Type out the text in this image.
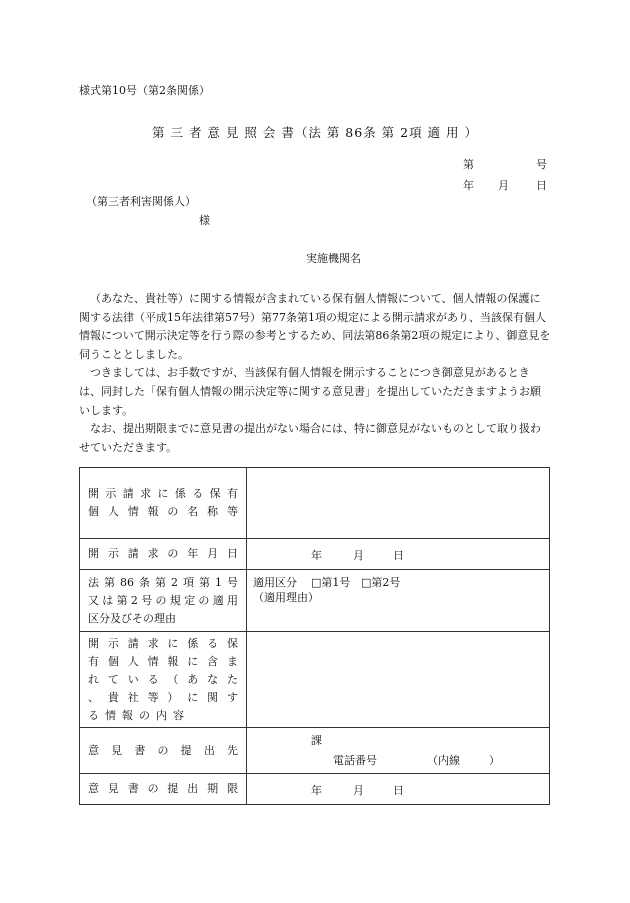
様式第10号（第2条関係）
第 三 者 意 見 照 会 書（法 第 86条 第 2項 適 用 ）
第	号
年 月 日
（第三者利害関係人）
様
実施機関名

（あなた、貴社等）に関する情報が含まれている保有個人情報について、個人情報の保護に関する法律（平成15年法律第57号）第77条第1項の規定による開示請求があり、当該保有個人情報について開示決定等を行う際の参考とするため、同法第86条第2項の規定により、御意見を伺うこととしました。

つきましては、お手数ですが、当該保有個人情報を開示することにつき御意見があるときは、同封した「保有個人情報の開示決定等に関する意見書」を提出していただきますようお願いします。

なお、提出期限までに意見書の提出がない場合には、特に御意見がないものとして取り扱わせていただきます。

開示請求に係る保有
個人情報の名称等	

開示請求の年月日	年 月 日

法第86条第2項第1号
又は第2号の規定の適用
区分及びその理由	適用区分 □第1号 □第2号
（適用理由）

開示請求に係る保
有個人情報に含ま
れている（あなた
、貴社等）に関す
る情報の内容	

意見書の提出先	課
電話番号 （内線 ）

意見書の提出期限	年 月 日
